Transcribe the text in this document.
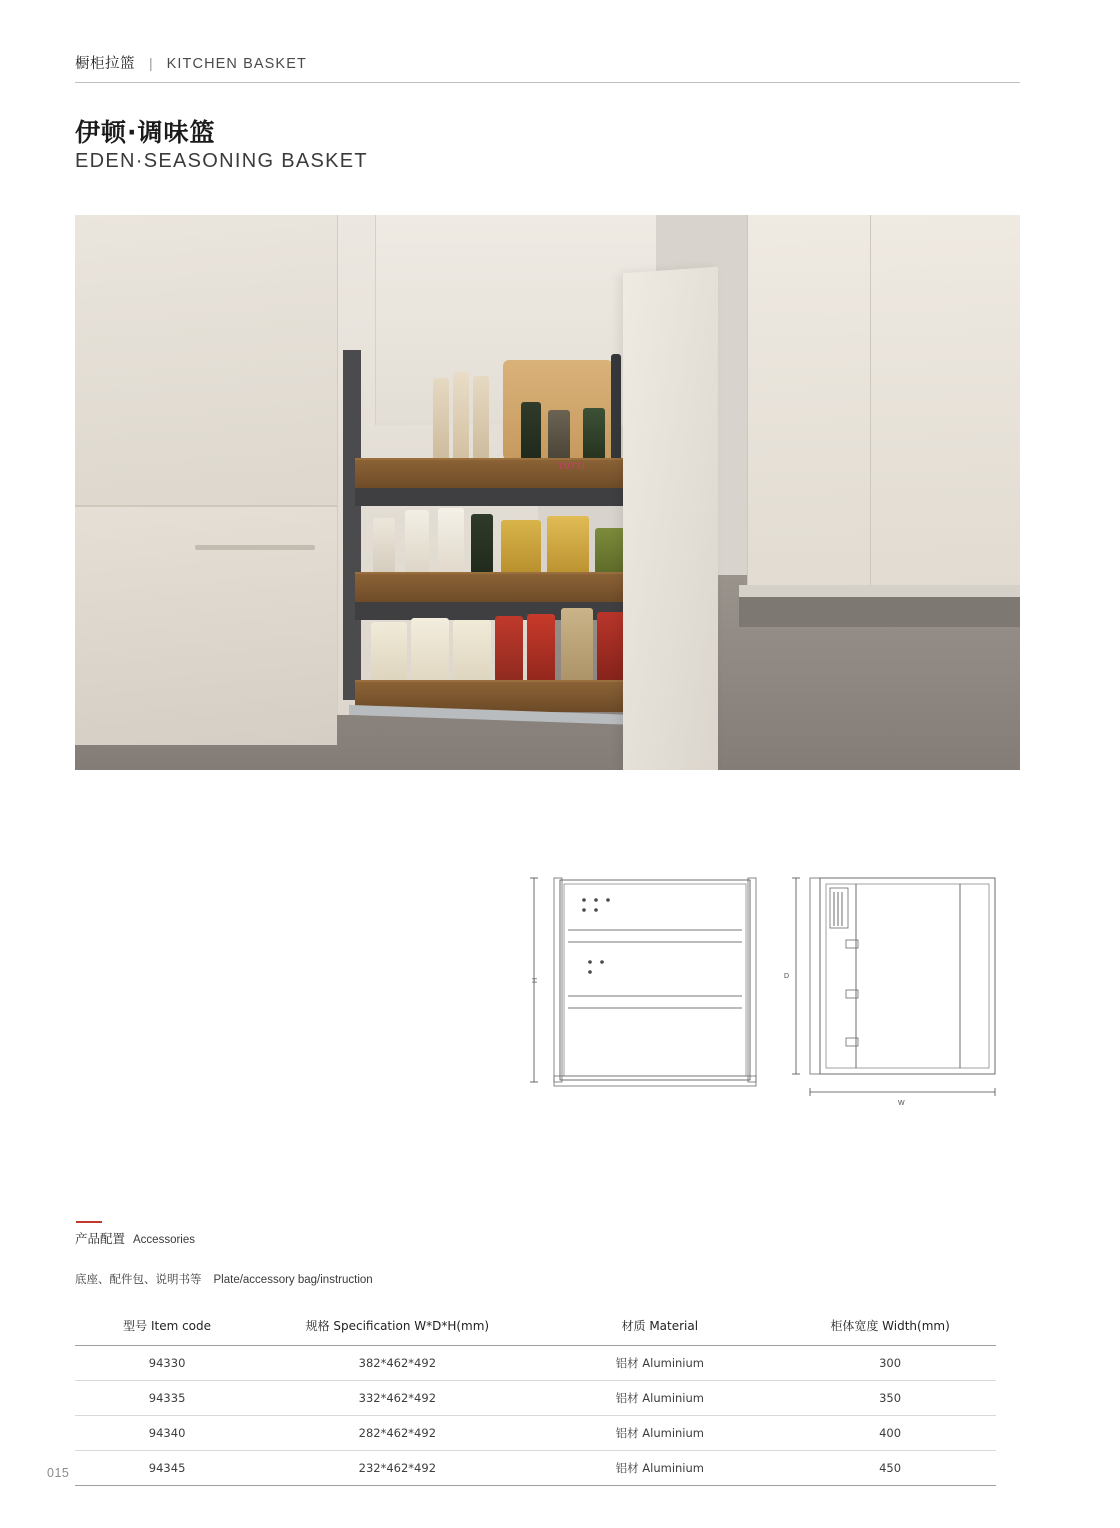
橱柜拉篮 | KITCHEN BASKET
伊顿·调味篮
EDEN·SEASONING BASKET
TUTTI
H
D
W
产品配置 Accessories
底座、配件包、说明书等 Plate/accessory bag/instruction
型号 Item code	规格 Specification W*D*H(mm)	材质 Material	柜体宽度 Width(mm)
94330	382*462*492	铝材 Aluminium	300
94335	332*462*492	铝材 Aluminium	350
94340	282*462*492	铝材 Aluminium	400
94345	232*462*492	铝材 Aluminium	450
015
